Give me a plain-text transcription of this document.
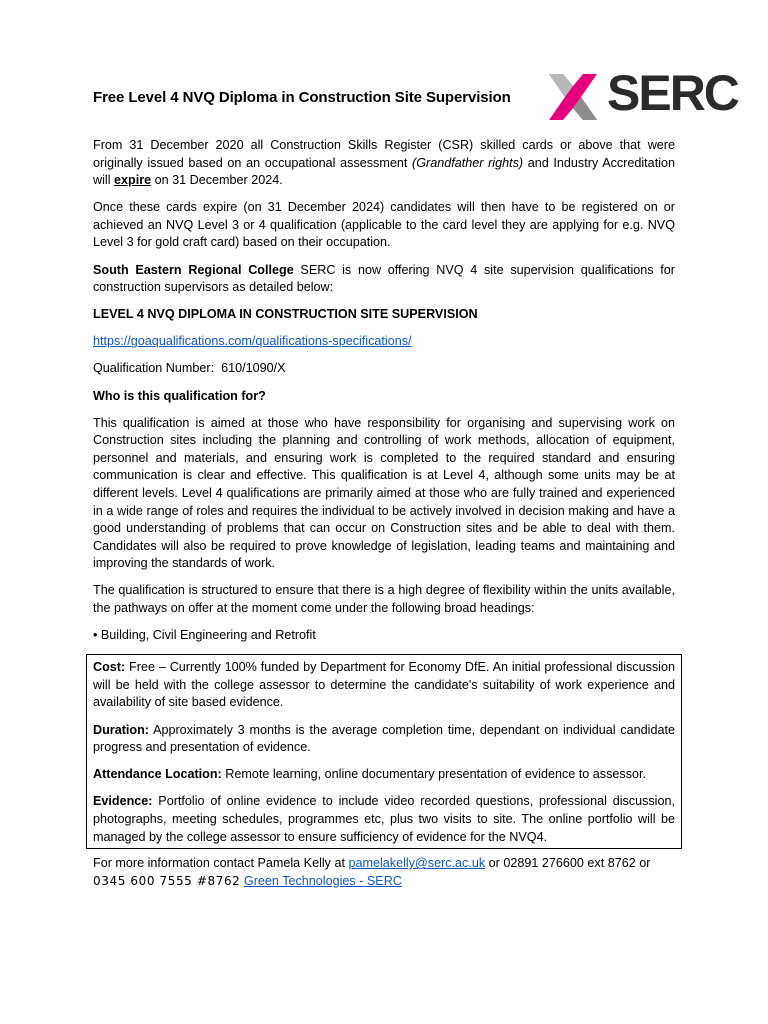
Free Level 4 NVQ Diploma in Construction Site Supervision SERC

From 31 December 2020 all Construction Skills Register (CSR) skilled cards or above that were originally issued based on an occupational assessment (Grandfather rights) and Industry Accreditation will expire on 31 December 2024.

Once these cards expire (on 31 December 2024) candidates will then have to be registered on or achieved an NVQ Level 3 or 4 qualification (applicable to the card level they are applying for e.g. NVQ Level 3 for gold craft card) based on their occupation.

South Eastern Regional College SERC is now offering NVQ 4 site supervision qualifications for construction supervisors as detailed below:

LEVEL 4 NVQ DIPLOMA IN CONSTRUCTION SITE SUPERVISION

https://goaqualifications.com/qualifications-specifications/

Qualification Number: 610/1090/X

Who is this qualification for?

This qualification is aimed at those who have responsibility for organising and supervising work on Construction sites including the planning and controlling of work methods, allocation of equipment, personnel and materials, and ensuring work is completed to the required standard and ensuring communication is clear and effective. This qualification is at Level 4, although some units may be at different levels. Level 4 qualifications are primarily aimed at those who are fully trained and experienced in a wide range of roles and requires the individual to be actively involved in decision making and have a good understanding of problems that can occur on Construction sites and be able to deal with them. Candidates will also be required to prove knowledge of legislation, leading teams and maintaining and improving the standards of work.

The qualification is structured to ensure that there is a high degree of flexibility within the units available, the pathways on offer at the moment come under the following broad headings:

• Building, Civil Engineering and Retrofit

Cost: Free – Currently 100% funded by Department for Economy DfE. An initial professional discussion will be held with the college assessor to determine the candidate's suitability of work experience and availability of site based evidence.

Duration: Approximately 3 months is the average completion time, dependant on individual candidate progress and presentation of evidence.

Attendance Location: Remote learning, online documentary presentation of evidence to assessor.

Evidence: Portfolio of online evidence to include video recorded questions, professional discussion, photographs, meeting schedules, programmes etc, plus two visits to site. The online portfolio will be managed by the college assessor to ensure sufficiency of evidence for the NVQ4.

For more information contact Pamela Kelly at pamelakelly@serc.ac.uk or 02891 276600 ext 8762 or
0345 600 7555 #8762 Green Technologies - SERC
